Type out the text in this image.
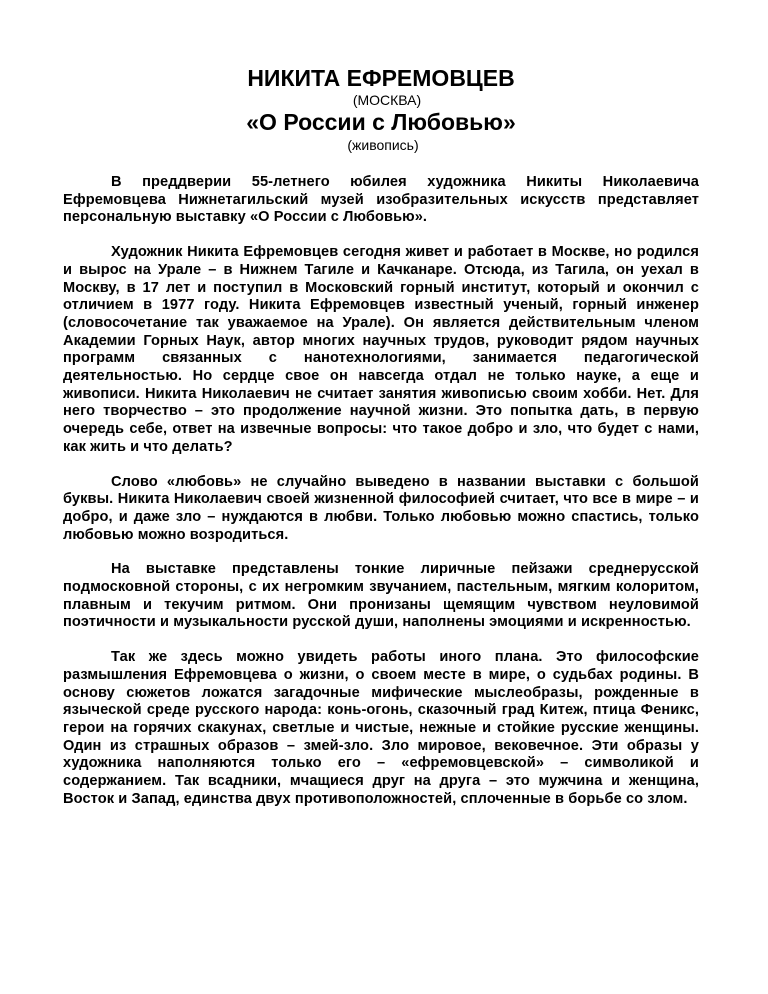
НИКИТА ЕФРЕМОВЦЕВ

(МОСКВА)

«О России с Любовью»

(живопись)

В преддверии 55-летнего юбилея художника Никиты Николаевича Ефремовцева Нижнетагильский музей изобразительных искусств представляет персональную выставку «О России с Любовью».

Художник Никита Ефремовцев сегодня живет и работает в Москве, но родился и вырос на Урале – в Нижнем Тагиле и Качканаре. Отсюда, из Тагила, он уехал в Москву, в 17 лет и поступил в Московский горный институт, который и окончил с отличием в 1977 году. Никита Ефремовцев известный ученый, горный инженер (словосочетание так уважаемое на Урале). Он является действительным членом Академии Горных Наук, автор многих научных трудов, руководит рядом научных программ связанных с нанотехнологиями, занимается педагогической деятельностью. Но сердце свое он навсегда отдал не только науке, а еще и живописи. Никита Николаевич не считает занятия живописью своим хобби. Нет. Для него творчество – это продолжение научной жизни. Это попытка дать, в первую очередь себе, ответ на извечные вопросы: что такое добро и зло, что будет с нами, как жить и что делать?

Слово «любовь» не случайно выведено в названии выставки с большой буквы. Никита Николаевич своей жизненной философией считает, что все в мире – и добро, и даже зло – нуждаются в любви. Только любовью можно спастись, только любовью можно возродиться.

На выставке представлены тонкие лиричные пейзажи среднерусской подмосковной стороны, с их негромким звучанием, пастельным, мягким колоритом, плавным и текучим ритмом. Они пронизаны щемящим чувством неуловимой поэтичности и музыкальности русской души, наполнены эмоциями и искренностью.

Так же здесь можно увидеть работы иного плана. Это философские размышления Ефремовцева о жизни, о своем месте в мире, о судьбах родины. В основу сюжетов ложатся загадочные мифические мыслеобразы, рожденные в языческой среде русского народа: конь-огонь, сказочный град Китеж, птица Феникс, герои на горячих скакунах, светлые и чистые, нежные и стойкие русские женщины. Один из страшных образов – змей-зло. Зло мировое, вековечное. Эти образы у художника наполняются только его – «ефремовцевской» – символикой и содержанием. Так всадники, мчащиеся друг на друга – это мужчина и женщина, Восток и Запад, единства двух противоположностей, сплоченные в борьбе со злом.
